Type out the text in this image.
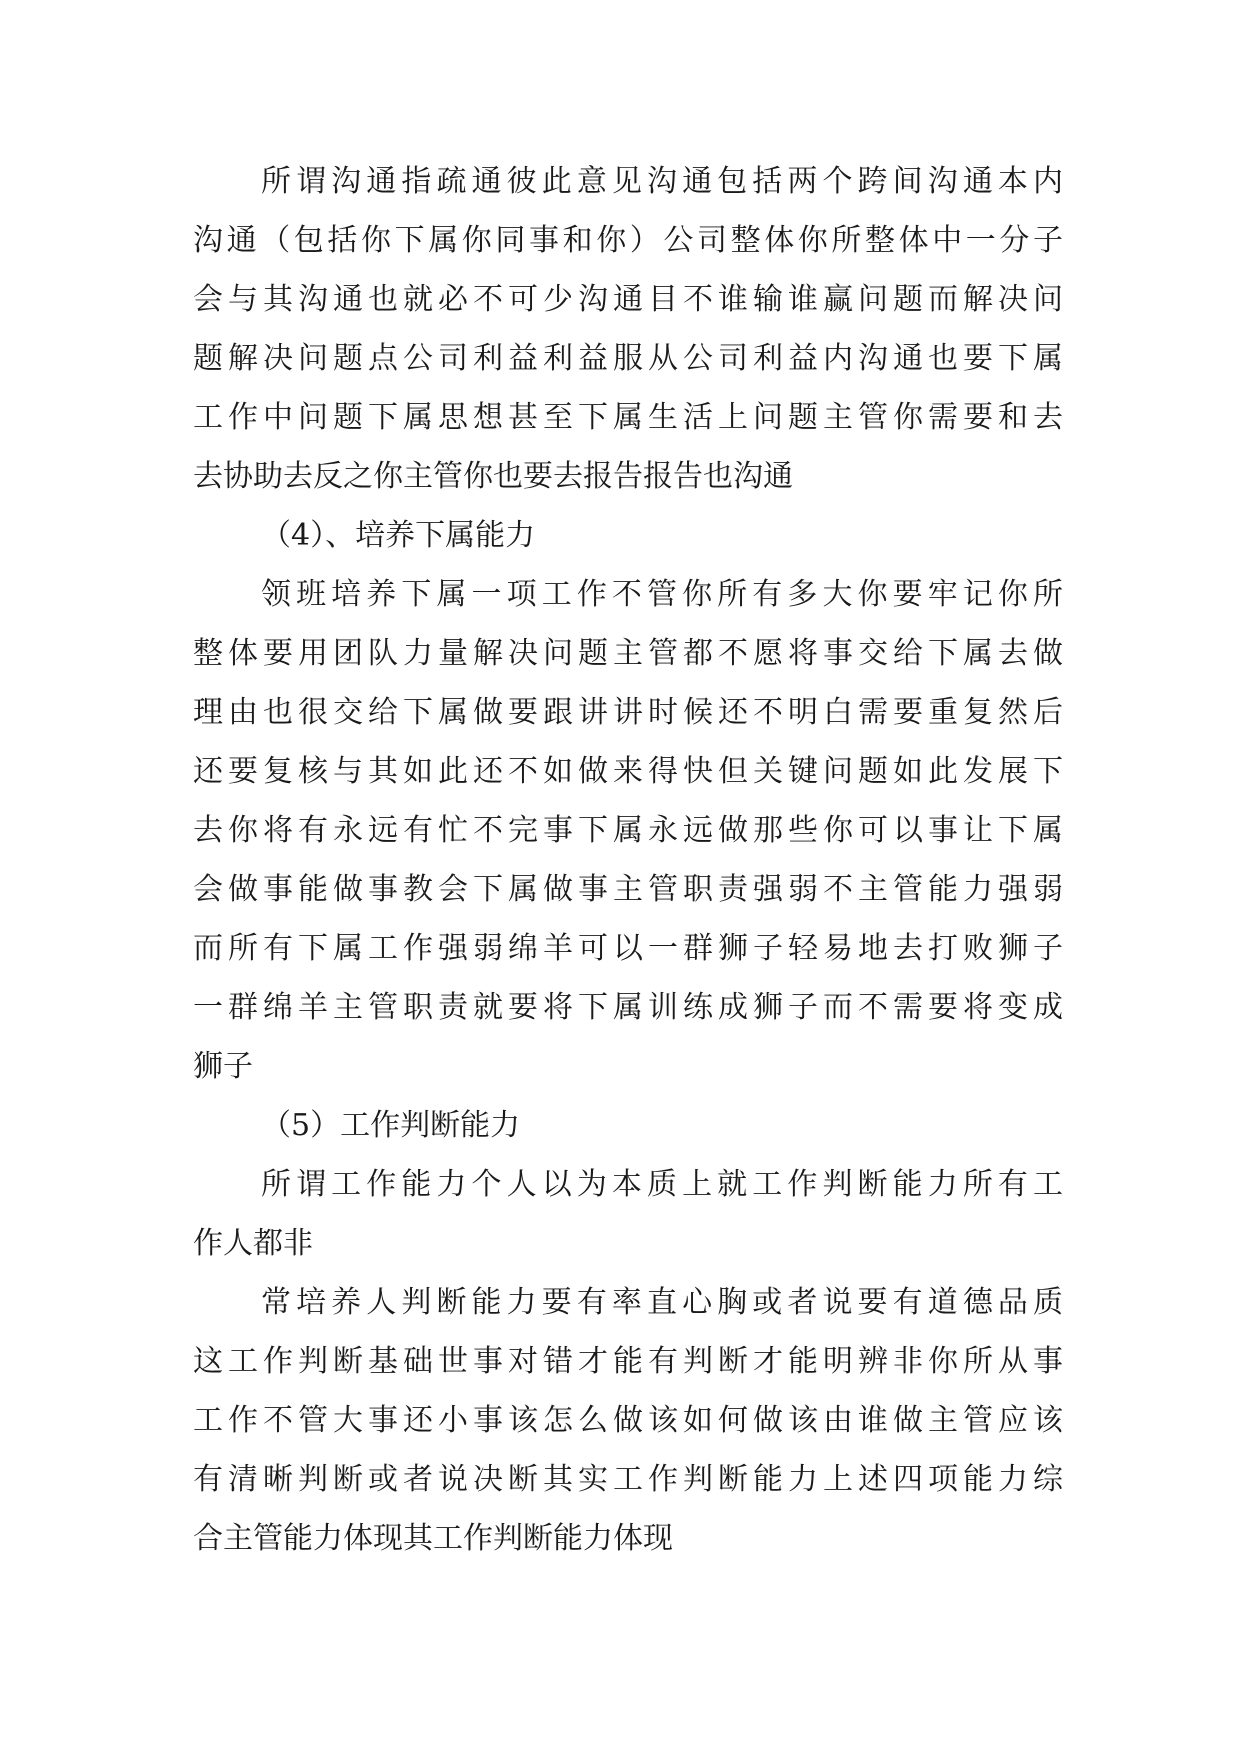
所谓沟通指疏通彼此意见沟通包括两个跨间沟通本内
沟通（包括你下属你同事和你）公司整体你所整体中一分子
会与其沟通也就必不可少沟通目不谁输谁赢问题而解决问
题解决问题点公司利益利益服从公司利益内沟通也要下属
工作中问题下属思想甚至下属生活上问题主管你需要和去
去协助去反之你主管你也要去报告报告也沟通
（4）、培养下属能力
领班培养下属一项工作不管你所有多大你要牢记你所
整体要用团队力量解决问题主管都不愿将事交给下属去做
理由也很交给下属做要跟讲讲时候还不明白需要重复然后
还要复核与其如此还不如做来得快但关键问题如此发展下
去你将有永远有忙不完事下属永远做那些你可以事让下属
会做事能做事教会下属做事主管职责强弱不主管能力强弱
而所有下属工作强弱绵羊可以一群狮子轻易地去打败狮子
一群绵羊主管职责就要将下属训练成狮子而不需要将变成
狮子
（5）工作判断能力
所谓工作能力个人以为本质上就工作判断能力所有工
作人都非
常培养人判断能力要有率直心胸或者说要有道德品质
这工作判断基础世事对错才能有判断才能明辨非你所从事
工作不管大事还小事该怎么做该如何做该由谁做主管应该
有清晰判断或者说决断其实工作判断能力上述四项能力综
合主管能力体现其工作判断能力体现
